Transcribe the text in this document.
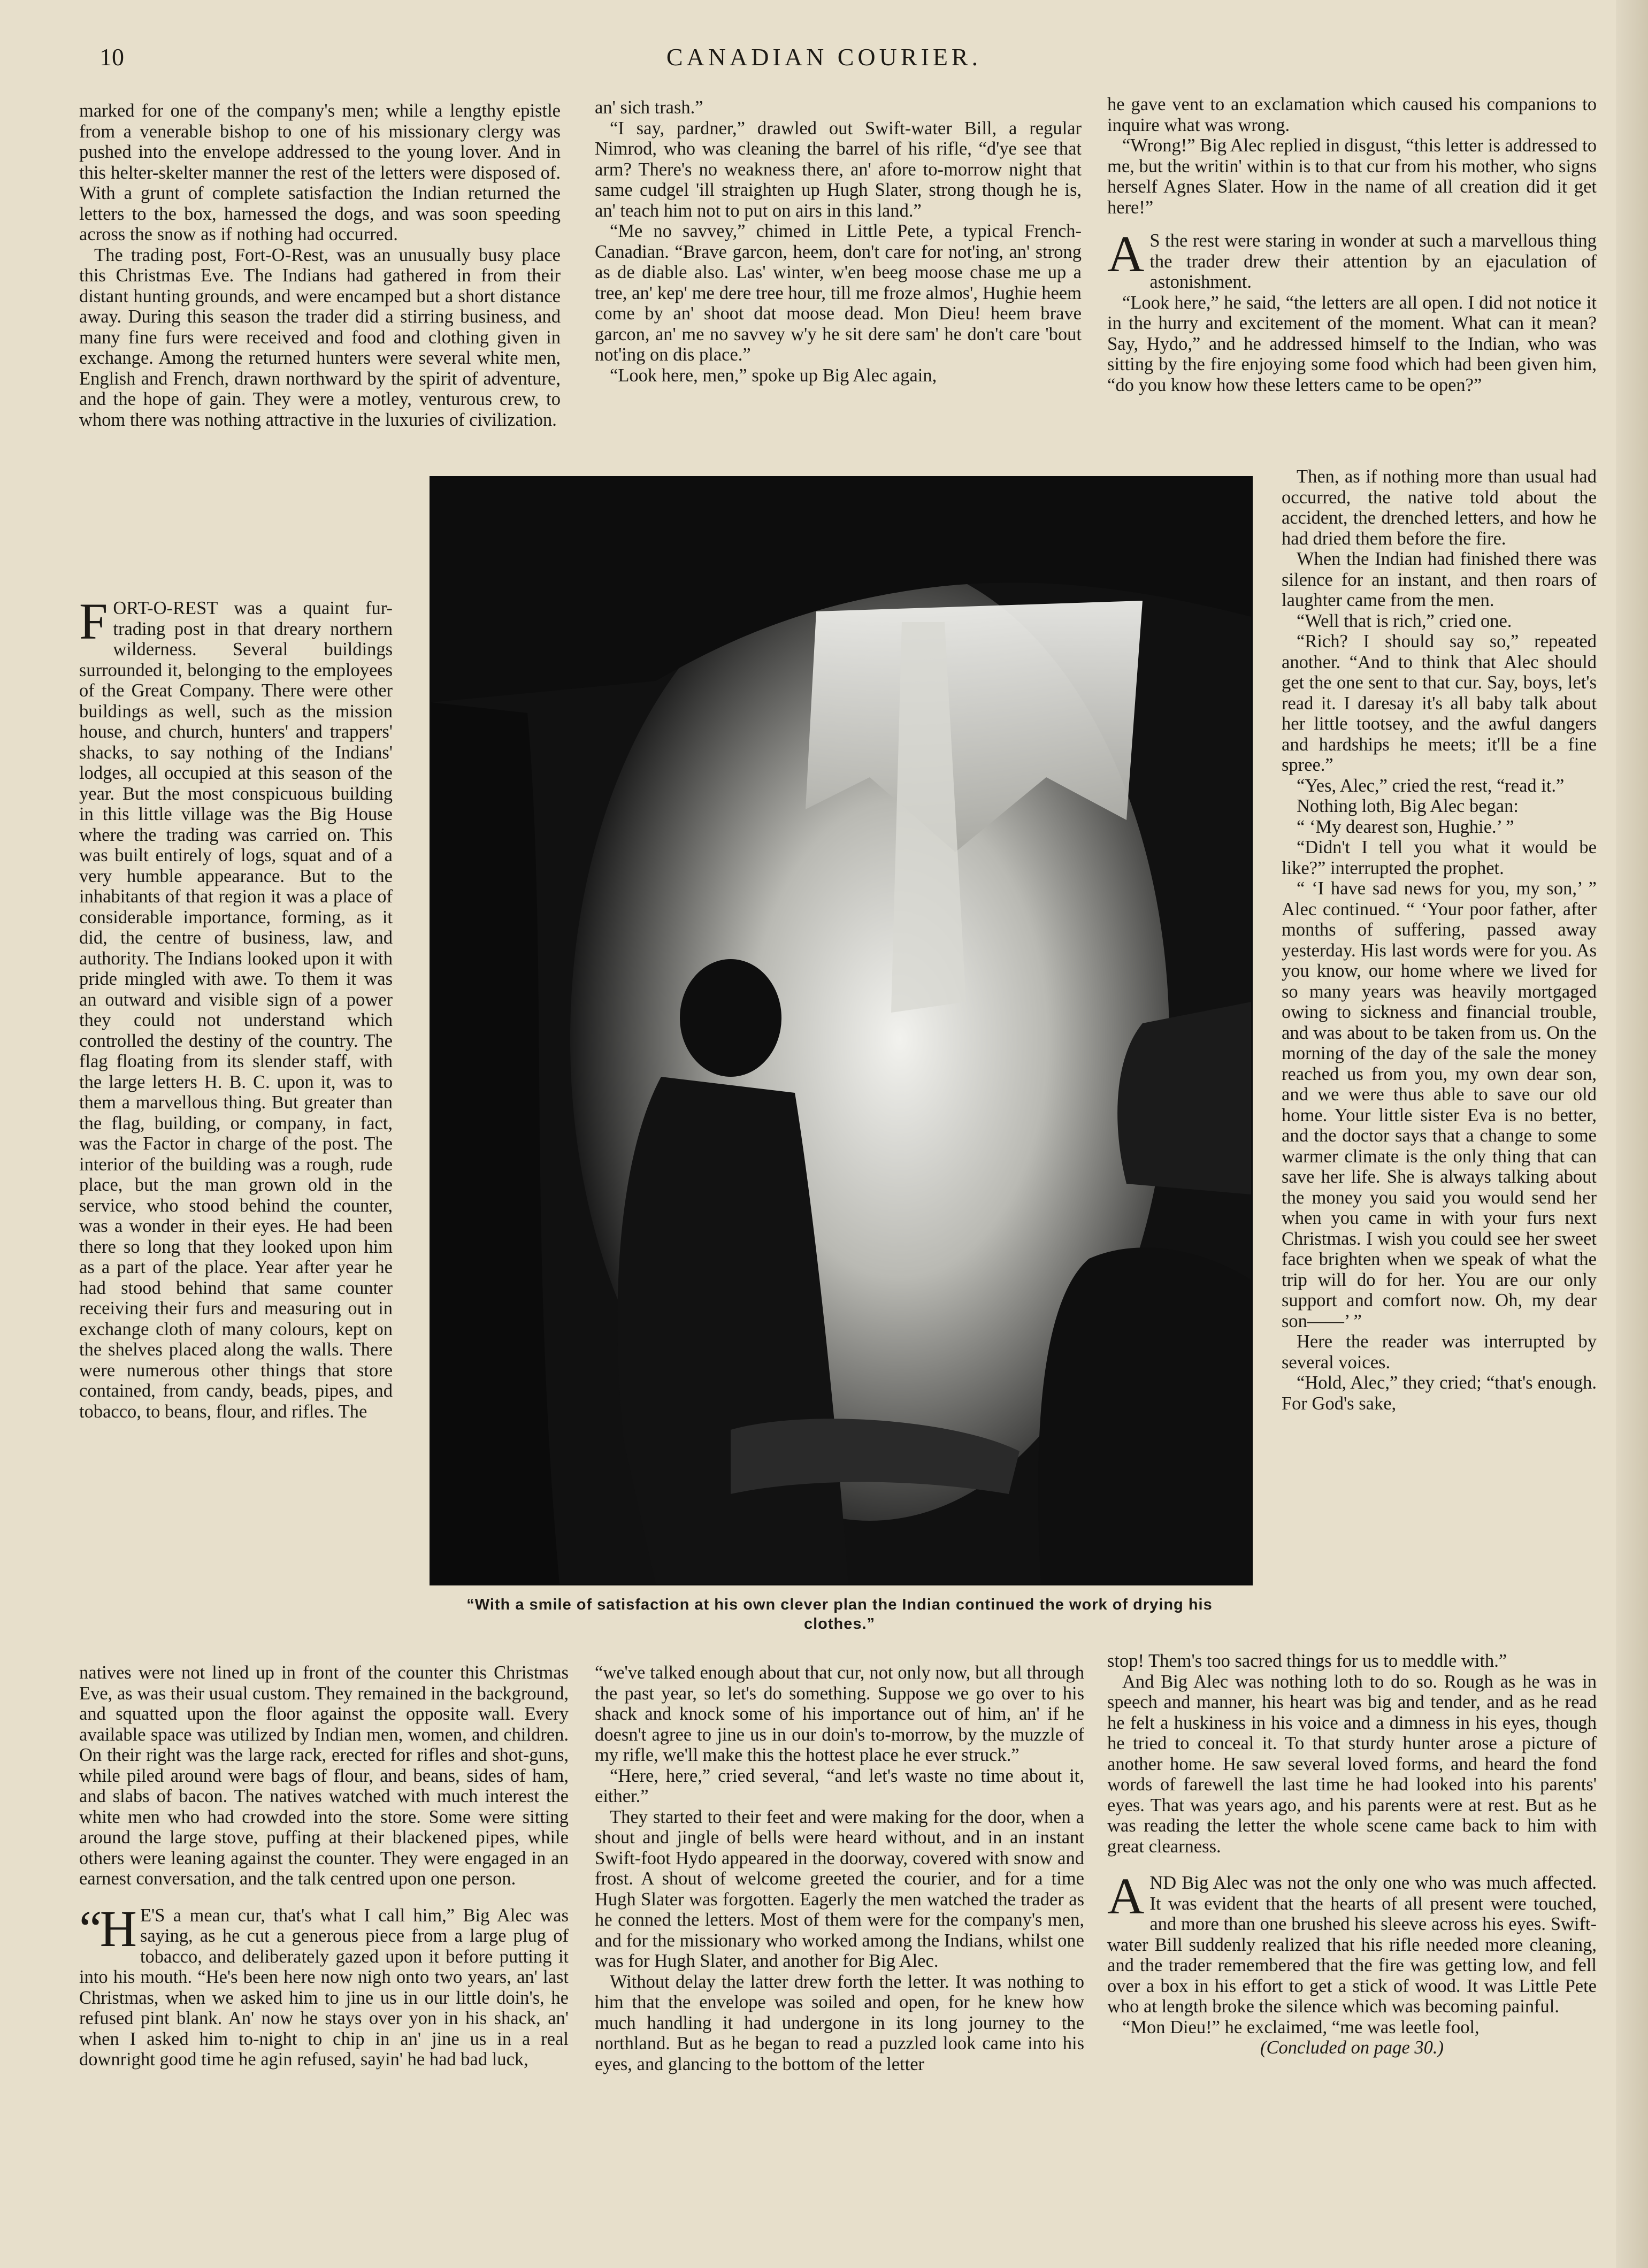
CANADIAN COURIER.
10

marked for one of the company's men; while a lengthy epistle from a venerable bishop to one of his missionary clergy was pushed into the envelope addressed to the young lover. And in this helter-skelter manner the rest of the letters were disposed of. With a grunt of complete satisfaction the Indian returned the letters to the box, harnessed the dogs, and was soon speeding across the snow as if nothing had occurred.

The trading post, Fort-O-Rest, was an unusually busy place this Christmas Eve. The Indians had gathered in from their distant hunting grounds, and were encamped but a short distance away. During this season the trader did a stirring business, and many fine furs were received and food and clothing given in exchange. Among the returned hunters were several white men, English and French, drawn northward by the spirit of adventure, and the hope of gain. They were a motley, venturous crew, to whom there was nothing attractive in the luxuries of civilization.

FORT-O-REST was a quaint fur-trading post in that dreary northern wilderness. Several buildings surrounded it, belonging to the employees of the Great Company. There were other buildings as well, such as the mission house, and church, hunters' and trappers' shacks, to say nothing of the Indians' lodges, all occupied at this season of the year. But the most conspicuous building in this little village was the Big House where the trading was carried on. This was built entirely of logs, squat and of a very humble appearance. But to the inhabitants of that region it was a place of considerable importance, forming, as it did, the centre of business, law, and authority. The Indians looked upon it with pride mingled with awe. To them it was an outward and visible sign of a power they could not understand which controlled the destiny of the country. The flag floating from its slender staff, with the large letters H. B. C. upon it, was to them a marvellous thing. But greater than the flag, building, or company, in fact, was the Factor in charge of the post. The interior of the building was a rough, rude place, but the man grown old in the service, who stood behind the counter, was a wonder in their eyes. He had been there so long that they looked upon him as a part of the place. Year after year he had stood behind that same counter receiving their furs and measuring out in exchange cloth of many colours, kept on the shelves placed along the walls. There were numerous other things that store contained, from candy, beads, pipes, and tobacco, to beans, flour, and rifles. The

natives were not lined up in front of the counter this Christmas Eve, as was their usual custom. They remained in the background, and squatted upon the floor against the opposite wall. Every available space was utilized by Indian men, women, and children. On their right was the large rack, erected for rifles and shot-guns, while piled around were bags of flour, and beans, sides of ham, and slabs of bacon. The natives watched with much interest the white men who had crowded into the store. Some were sitting around the large stove, puffing at their blackened pipes, while others were leaning against the counter. They were engaged in an earnest conversation, and the talk centred upon one person.

“H E'S a mean cur, that's what I call him,” Big Alec was saying, as he cut a generous piece from a large plug of tobacco, and deliberately gazed upon it before putting it into his mouth. “He's been here now nigh onto two years, an' last Christmas, when we asked him to jine us in our little doin's, he refused pint blank. An' now he stays over yon in his shack, an' when I asked him to-night to chip in an' jine us in a real downright good time he agin refused, sayin' he had bad luck,

an' sich trash.”

“I say, pardner,” drawled out Swift-water Bill, a regular Nimrod, who was cleaning the barrel of his rifle, “d'ye see that arm? There's no weakness there, an' afore to-morrow night that same cudgel 'ill straighten up Hugh Slater, strong though he is, an' teach him not to put on airs in this land.”

“Me no savvey,” chimed in Little Pete, a typical French-Canadian. “Brave garcon, heem, don't care for not'ing, an' strong as de diable also. Las' winter, w'en beeg moose chase me up a tree, an' kep' me dere tree hour, till me froze almos', Hughie heem come by an' shoot dat moose dead. Mon Dieu! heem brave garcon, an' me no savvey w'y he sit dere sam' he don't care 'bout not'ing on dis place.”

“Look here, men,” spoke up Big Alec again,

“With a smile of satisfaction at his own clever plan the Indian continued the work of drying his clothes.”

“we've talked enough about that cur, not only now, but all through the past year, so let's do something. Suppose we go over to his shack and knock some of his importance out of him, an' if he doesn't agree to jine us in our doin's to-morrow, by the muzzle of my rifle, we'll make this the hottest place he ever struck.”

“Here, here,” cried several, “and let's waste no time about it, either.”

They started to their feet and were making for the door, when a shout and jingle of bells were heard without, and in an instant Swift-foot Hydo appeared in the doorway, covered with snow and frost. A shout of welcome greeted the courier, and for a time Hugh Slater was forgotten. Eagerly the men watched the trader as he conned the letters. Most of them were for the company's men, and for the missionary who worked among the Indians, whilst one was for Hugh Slater, and another for Big Alec.

Without delay the latter drew forth the letter. It was nothing to him that the envelope was soiled and open, for he knew how much handling it had undergone in its long journey to the northland. But as he began to read a puzzled look came into his eyes, and glancing to the bottom of the letter

he gave vent to an exclamation which caused his companions to inquire what was wrong.

“Wrong!” Big Alec replied in disgust, “this letter is addressed to me, but the writin' within is to that cur from his mother, who signs herself Agnes Slater. How in the name of all creation did it get here!”

A S the rest were staring in wonder at such a marvellous thing the trader drew their attention by an ejaculation of astonishment.

“Look here,” he said, “the letters are all open. I did not notice it in the hurry and excitement of the moment. What can it mean? Say, Hydo,” and he addressed himself to the Indian, who was sitting by the fire enjoying some food which had been given him, “do you know how these letters came to be open?”

Then, as if nothing more than usual had occurred, the native told about the accident, the drenched letters, and how he had dried them before the fire.

When the Indian had finished there was silence for an instant, and then roars of laughter came from the men.

“Well that is rich,” cried one.

“Rich? I should say so,” repeated another. “And to think that Alec should get the one sent to that cur. Say, boys, let's read it. I daresay it's all baby talk about her little tootsey, and the awful dangers and hardships he meets; it'll be a fine spree.”

“Yes, Alec,” cried the rest, “read it.”

Nothing loth, Big Alec began:

“ ‘My dearest son, Hughie.’ ”

“Didn't I tell you what it would be like?” interrupted the prophet.

“ ‘I have sad news for you, my son,’ ” Alec continued. “ ‘Your poor father, after months of suffering, passed away yesterday. His last words were for you. As you know, our home where we lived for so many years was heavily mortgaged owing to sickness and financial trouble, and was about to be taken from us. On the morning of the day of the sale the money reached us from you, my own dear son, and we were thus able to save our old home. Your little sister Eva is no better, and the doctor says that a change to some warmer climate is the only thing that can save her life. She is always talking about the money you said you would send her when you came in with your furs next Christmas. I wish you could see her sweet face brighten when we speak of what the trip will do for her. You are our only support and comfort now. Oh, my dear son——’ ”

Here the reader was interrupted by several voices.

“Hold, Alec,” they cried; “that's enough. For God's sake,

stop! Them's too sacred things for us to meddle with.”

And Big Alec was nothing loth to do so. Rough as he was in speech and manner, his heart was big and tender, and as he read he felt a huskiness in his voice and a dimness in his eyes, though he tried to conceal it. To that sturdy hunter arose a picture of another home. He saw several loved forms, and heard the fond words of farewell the last time he had looked into his parents' eyes. That was years ago, and his parents were at rest. But as he was reading the letter the whole scene came back to him with great clearness.

AND Big Alec was not the only one who was much affected. It was evident that the hearts of all present were touched, and more than one brushed his sleeve across his eyes. Swift-water Bill suddenly realized that his rifle needed more cleaning, and the trader remembered that the fire was getting low, and fell over a box in his effort to get a stick of wood. It was Little Pete who at length broke the silence which was becoming painful.

“Mon Dieu!” he exclaimed, “me was leetle fool,

(Concluded on page 30.)
